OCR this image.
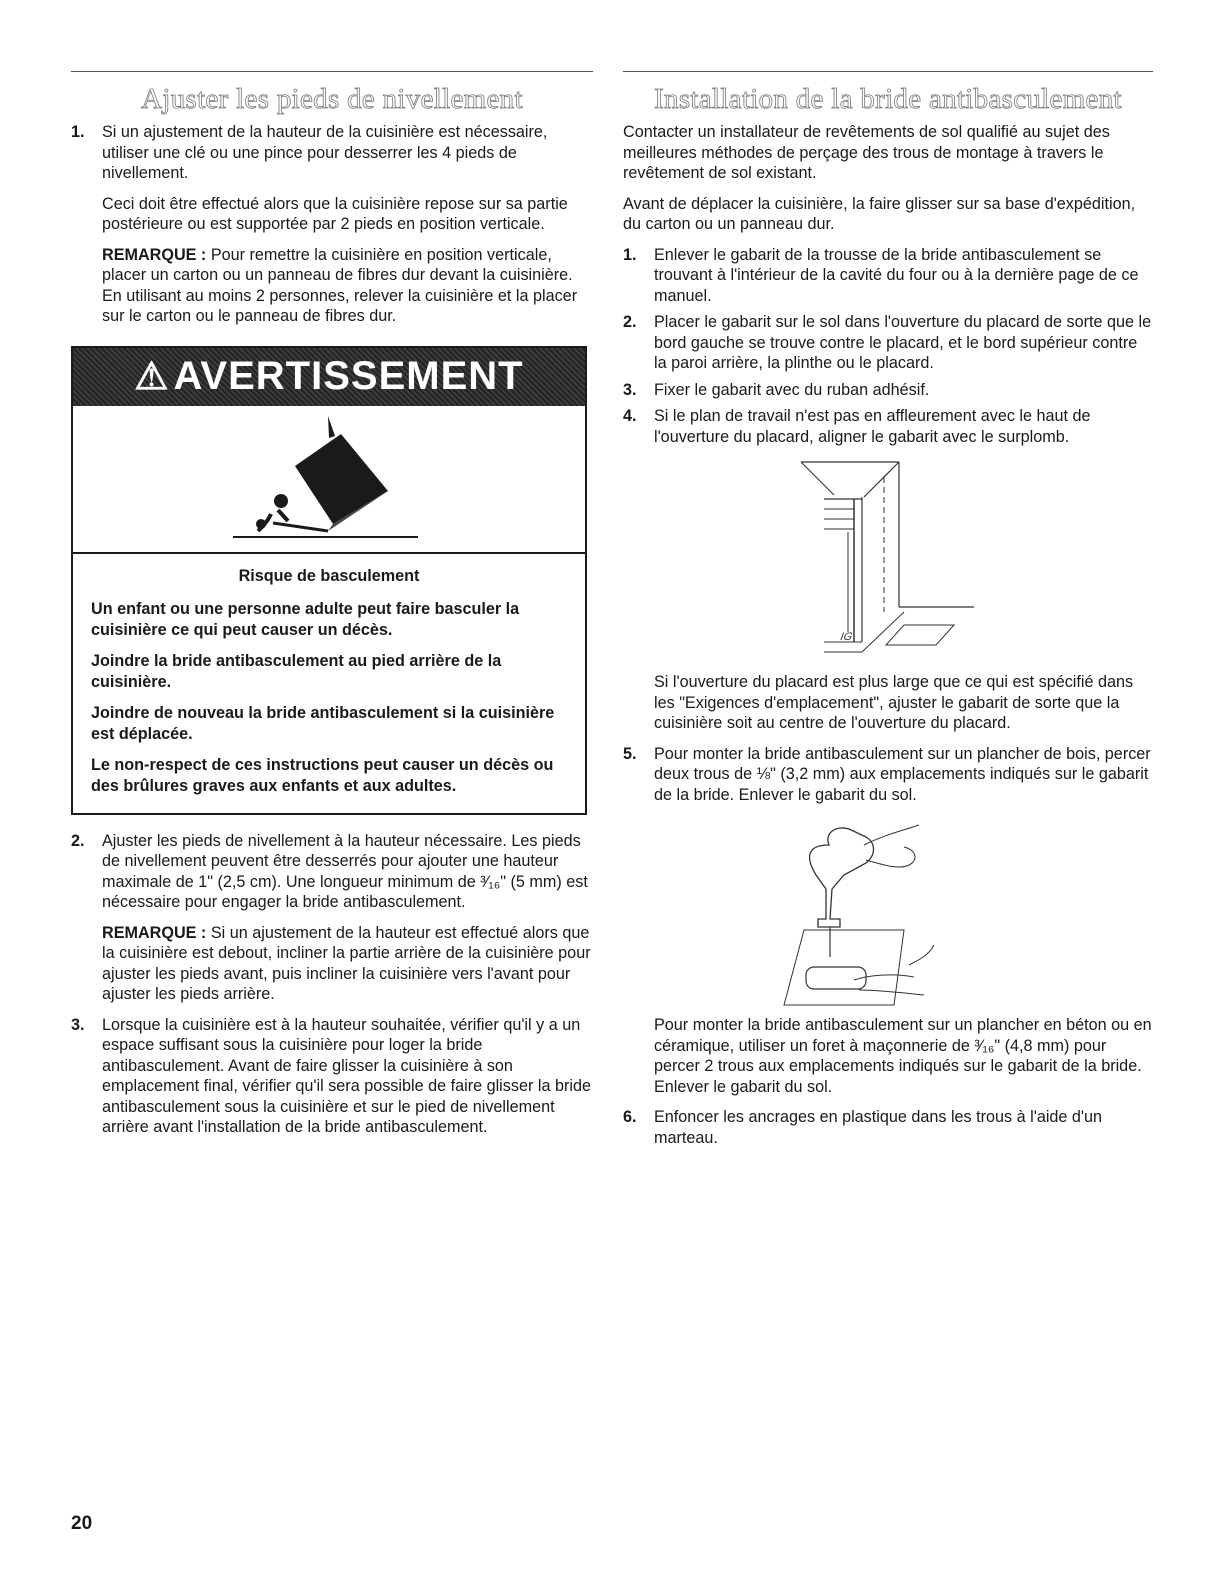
Ajuster les pieds de nivellement
1. Si un ajustement de la hauteur de la cuisinière est nécessaire, utiliser une clé ou une pince pour desserrer les 4 pieds de nivellement.

Ceci doit être effectué alors que la cuisinière repose sur sa partie postérieure ou est supportée par 2 pieds en position verticale.

REMARQUE : Pour remettre la cuisinière en position verticale, placer un carton ou un panneau de fibres dur devant la cuisinière. En utilisant au moins 2 personnes, relever la cuisinière et la placer sur le carton ou le panneau de fibres dur.

⚠ AVERTISSEMENT

Risque de basculement

Un enfant ou une personne adulte peut faire basculer la cuisinière ce qui peut causer un décès.

Joindre la bride antibasculement au pied arrière de la cuisinière.

Joindre de nouveau la bride antibasculement si la cuisinière est déplacée.

Le non-respect de ces instructions peut causer un décès ou des brûlures graves aux enfants et aux adultes.

2. Ajuster les pieds de nivellement à la hauteur nécessaire. Les pieds de nivellement peuvent être desserrés pour ajouter une hauteur maximale de 1" (2,5 cm). Une longueur minimum de ³⁄₁₆" (5 mm) est nécessaire pour engager la bride antibasculement.

REMARQUE : Si un ajustement de la hauteur est effectué alors que la cuisinière est debout, incliner la partie arrière de la cuisinière pour ajuster les pieds avant, puis incliner la cuisinière vers l'avant pour ajuster les pieds arrière.

3. Lorsque la cuisinière est à la hauteur souhaitée, vérifier qu'il y a un espace suffisant sous la cuisinière pour loger la bride antibasculement. Avant de faire glisser la cuisinière à son emplacement final, vérifier qu'il sera possible de faire glisser la bride antibasculement sous la cuisinière et sur le pied de nivellement arrière avant l'installation de la bride antibasculement.

Installation de la bride antibasculement

Contacter un installateur de revêtements de sol qualifié au sujet des meilleures méthodes de perçage des trous de montage à travers le revêtement de sol existant.

Avant de déplacer la cuisinière, la faire glisser sur sa base d'expédition, du carton ou un panneau dur.

1. Enlever le gabarit de la trousse de la bride antibasculement se trouvant à l'intérieur de la cavité du four ou à la dernière page de ce manuel.

2. Placer le gabarit sur le sol dans l'ouverture du placard de sorte que le bord gauche se trouve contre le placard, et le bord supérieur contre la paroi arrière, la plinthe ou le placard.

3. Fixer le gabarit avec du ruban adhésif.

4. Si le plan de travail n'est pas en affleurement avec le haut de l'ouverture du placard, aligner le gabarit avec le surplomb.

IG

Si l'ouverture du placard est plus large que ce qui est spécifié dans les "Exigences d'emplacement", ajuster le gabarit de sorte que la cuisinière soit au centre de l'ouverture du placard.

5. Pour monter la bride antibasculement sur un plancher de bois, percer deux trous de ⅛" (3,2 mm) aux emplacements indiqués sur le gabarit de la bride. Enlever le gabarit du sol.

Pour monter la bride antibasculement sur un plancher en béton ou en céramique, utiliser un foret à maçonnerie de ³⁄₁₆" (4,8 mm) pour percer 2 trous aux emplacements indiqués sur le gabarit de la bride. Enlever le gabarit du sol.

6. Enfoncer les ancrages en plastique dans les trous à l'aide d'un marteau.

20
